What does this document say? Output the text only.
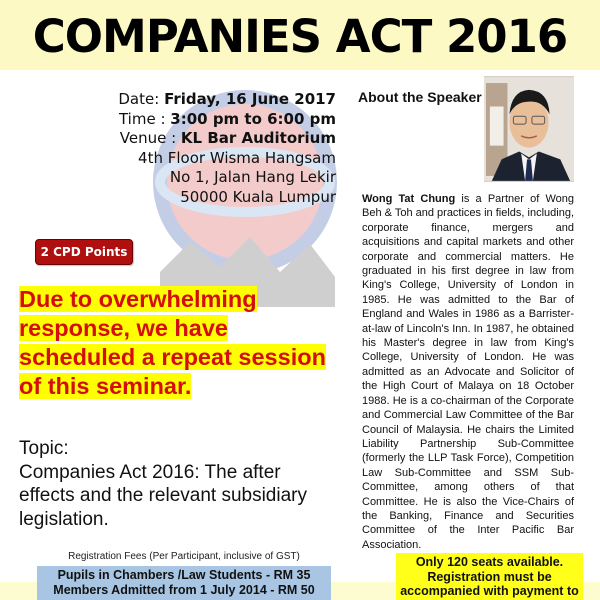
COMPANIES ACT 2016
Date: Friday, 16 June 2017
Time : 3:00 pm to 6:00 pm
Venue : KL Bar Auditorium
4th Floor Wisma Hangsam
No 1, Jalan Hang Lekir
50000 Kuala Lumpur
2 CPD Points
Due to overwhelming
response, we have
scheduled a repeat session
of this seminar.
Topic:
Companies Act 2016: The after
effects and the relevant subsidiary
legislation.
About the Speaker
Wong Tat Chung is a Partner of Wong Beh & Toh and practices in fields, including, corporate finance, mergers and acquisitions and capital markets and other corporate and commercial matters. He graduated in his first degree in law from King's College, University of London in 1985. He was admitted to the Bar of England and Wales in 1986 as a Barrister-at-law of Lincoln's Inn. In 1987, he obtained his Master's degree in law from King's College, University of London. He was admitted as an Advocate and Solicitor of the High Court of Malaya on 18 October 1988. He is a co-chairman of the Corporate and Commercial Law Committee of the Bar Council of Malaysia. He chairs the Limited Liability Partnership Sub-Committee (formerly the LLP Task Force), Competition Law Sub-Committee and SSM Sub-Committee, among others of that Committee. He is also the Vice-Chairs of the Banking, Finance and Securities Committee of the Inter Pacific Bar Association.
Registration Fees (Per Participant, inclusive of GST)
Pupils in Chambers /Law Students - RM 35
Members Admitted from 1 July 2014 - RM 50
Only 120 seats available.
Registration must be
accompanied with payment to
